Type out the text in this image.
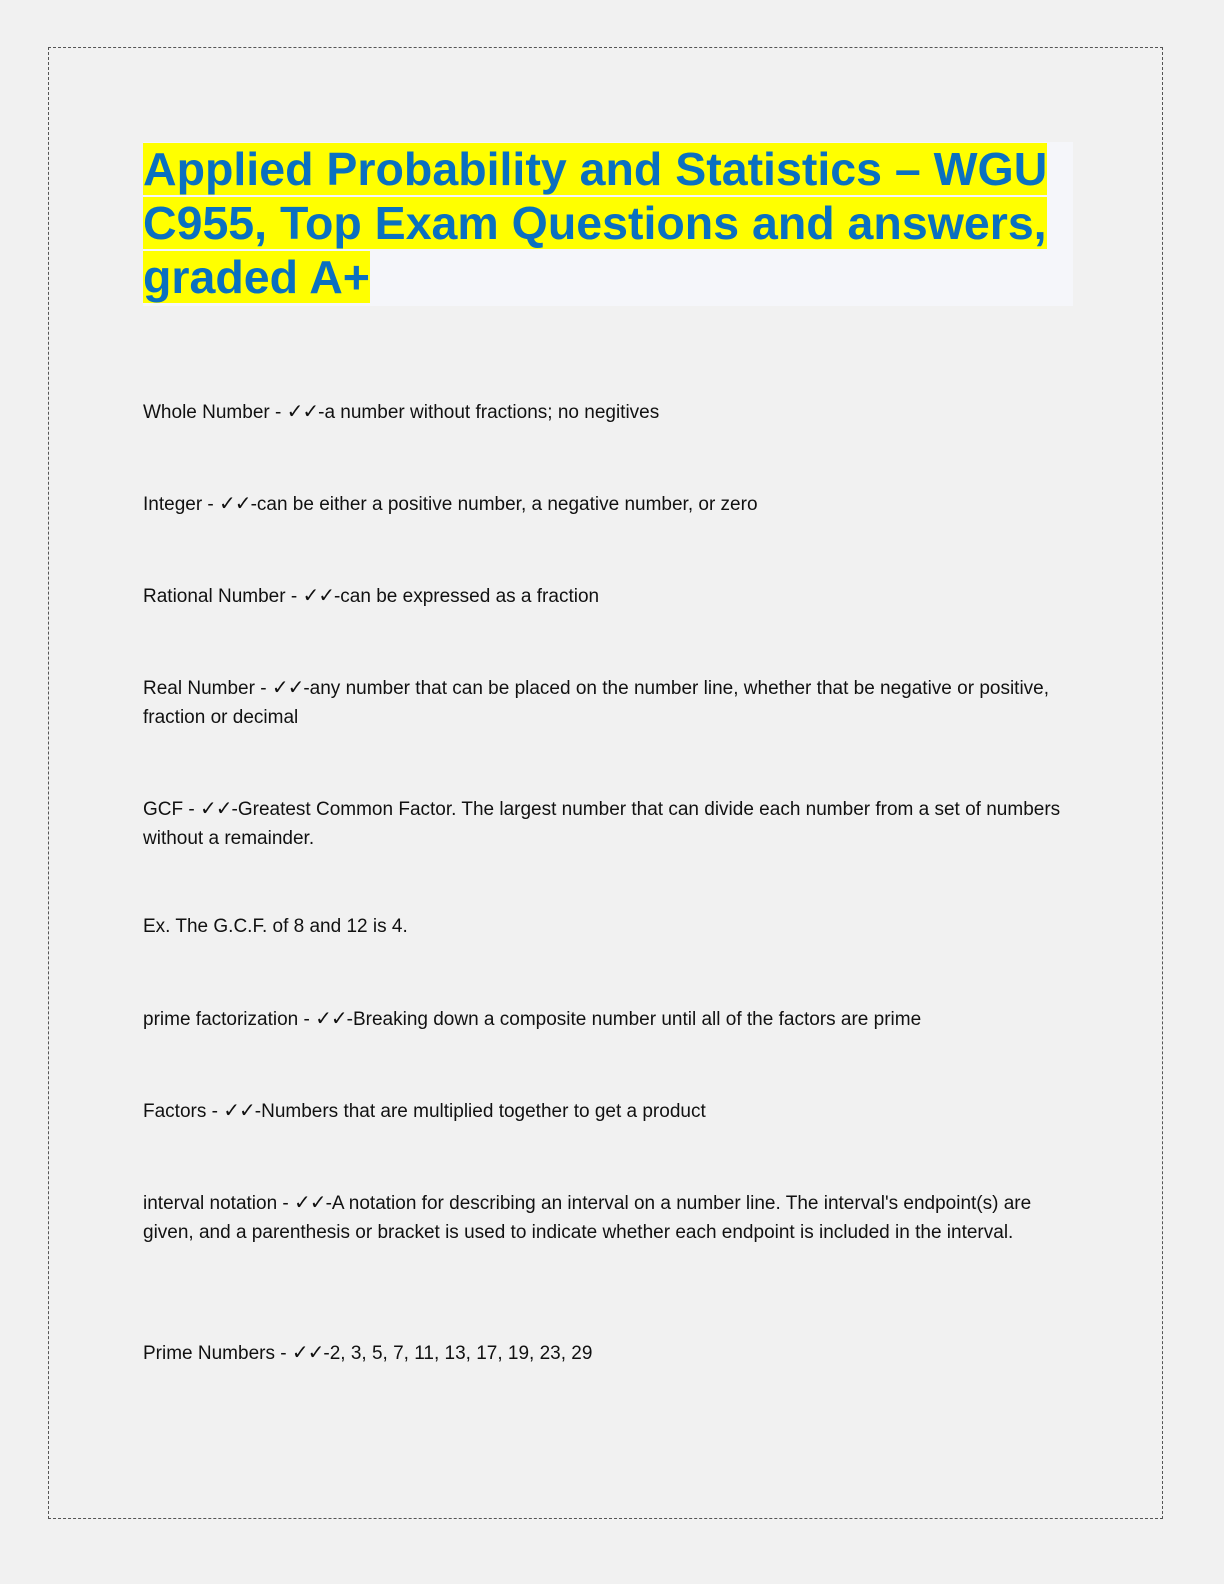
Applied Probability and Statistics – WGU C955, Top Exam Questions and answers, graded A+

Whole Number - ✓✓-a number without fractions; no negitives

Integer - ✓✓-can be either a positive number, a negative number, or zero

Rational Number - ✓✓-can be expressed as a fraction

Real Number - ✓✓-any number that can be placed on the number line, whether that be negative or positive, fraction or decimal

GCF - ✓✓-Greatest Common Factor. The largest number that can divide each number from a set of numbers without a remainder.

Ex. The G.C.F. of 8 and 12 is 4.

prime factorization - ✓✓-Breaking down a composite number until all of the factors are prime

Factors - ✓✓-Numbers that are multiplied together to get a product

interval notation - ✓✓-A notation for describing an interval on a number line. The interval's endpoint(s) are given, and a parenthesis or bracket is used to indicate whether each endpoint is included in the interval.

Prime Numbers - ✓✓-2, 3, 5, 7, 11, 13, 17, 19, 23, 29
